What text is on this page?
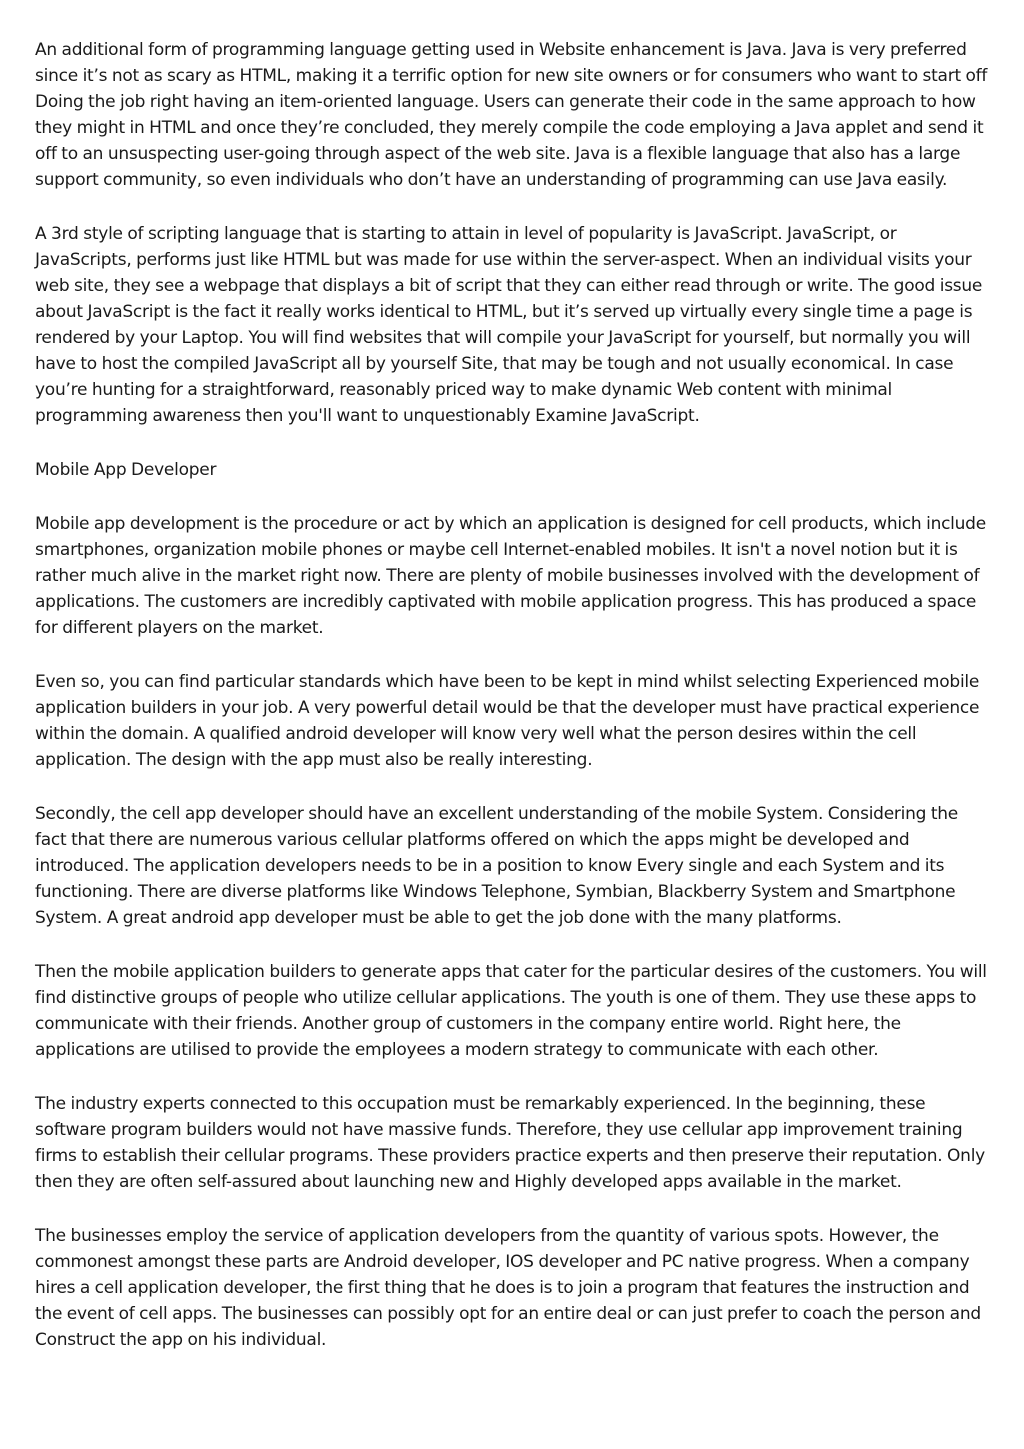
An additional form of programming language getting used in Website enhancement is Java. Java is very preferred since it’s not as scary as HTML, making it a terrific option for new site owners or for consumers who want to start off Doing the job right having an item-oriented language. Users can generate their code in the same approach to how they might in HTML and once they’re concluded, they merely compile the code employing a Java applet and send it off to an unsuspecting user-going through aspect of the web site. Java is a flexible language that also has a large support community, so even individuals who don’t have an understanding of programming can use Java easily.

A 3rd style of scripting language that is starting to attain in level of popularity is JavaScript. JavaScript, or JavaScripts, performs just like HTML but was made for use within the server-aspect. When an individual visits your web site, they see a webpage that displays a bit of script that they can either read through or write. The good issue about JavaScript is the fact it really works identical to HTML, but it’s served up virtually every single time a page is rendered by your Laptop. You will find websites that will compile your JavaScript for yourself, but normally you will have to host the compiled JavaScript all by yourself Site, that may be tough and not usually economical. In case you’re hunting for a straightforward, reasonably priced way to make dynamic Web content with minimal programming awareness then you'll want to unquestionably Examine JavaScript.

Mobile App Developer

Mobile app development is the procedure or act by which an application is designed for cell products, which include smartphones, organization mobile phones or maybe cell Internet-enabled mobiles. It isn't a novel notion but it is rather much alive in the market right now. There are plenty of mobile businesses involved with the development of applications. The customers are incredibly captivated with mobile application progress. This has produced a space for different players on the market.

Even so, you can find particular standards which have been to be kept in mind whilst selecting Experienced mobile application builders in your job. A very powerful detail would be that the developer must have practical experience within the domain. A qualified android developer will know very well what the person desires within the cell application. The design with the app must also be really interesting.

Secondly, the cell app developer should have an excellent understanding of the mobile System. Considering the fact that there are numerous various cellular platforms offered on which the apps might be developed and introduced. The application developers needs to be in a position to know Every single and each System and its functioning. There are diverse platforms like Windows Telephone, Symbian, Blackberry System and Smartphone System. A great android app developer must be able to get the job done with the many platforms.

Then the mobile application builders to generate apps that cater for the particular desires of the customers. You will find distinctive groups of people who utilize cellular applications. The youth is one of them. They use these apps to communicate with their friends. Another group of customers in the company entire world. Right here, the applications are utilised to provide the employees a modern strategy to communicate with each other.

The industry experts connected to this occupation must be remarkably experienced. In the beginning, these software program builders would not have massive funds. Therefore, they use cellular app improvement training firms to establish their cellular programs. These providers practice experts and then preserve their reputation. Only then they are often self-assured about launching new and Highly developed apps available in the market.

The businesses employ the service of application developers from the quantity of various spots. However, the commonest amongst these parts are Android developer, IOS developer and PC native progress. When a company hires a cell application developer, the first thing that he does is to join a program that features the instruction and the event of cell apps. The businesses can possibly opt for an entire deal or can just prefer to coach the person and Construct the app on his individual.
